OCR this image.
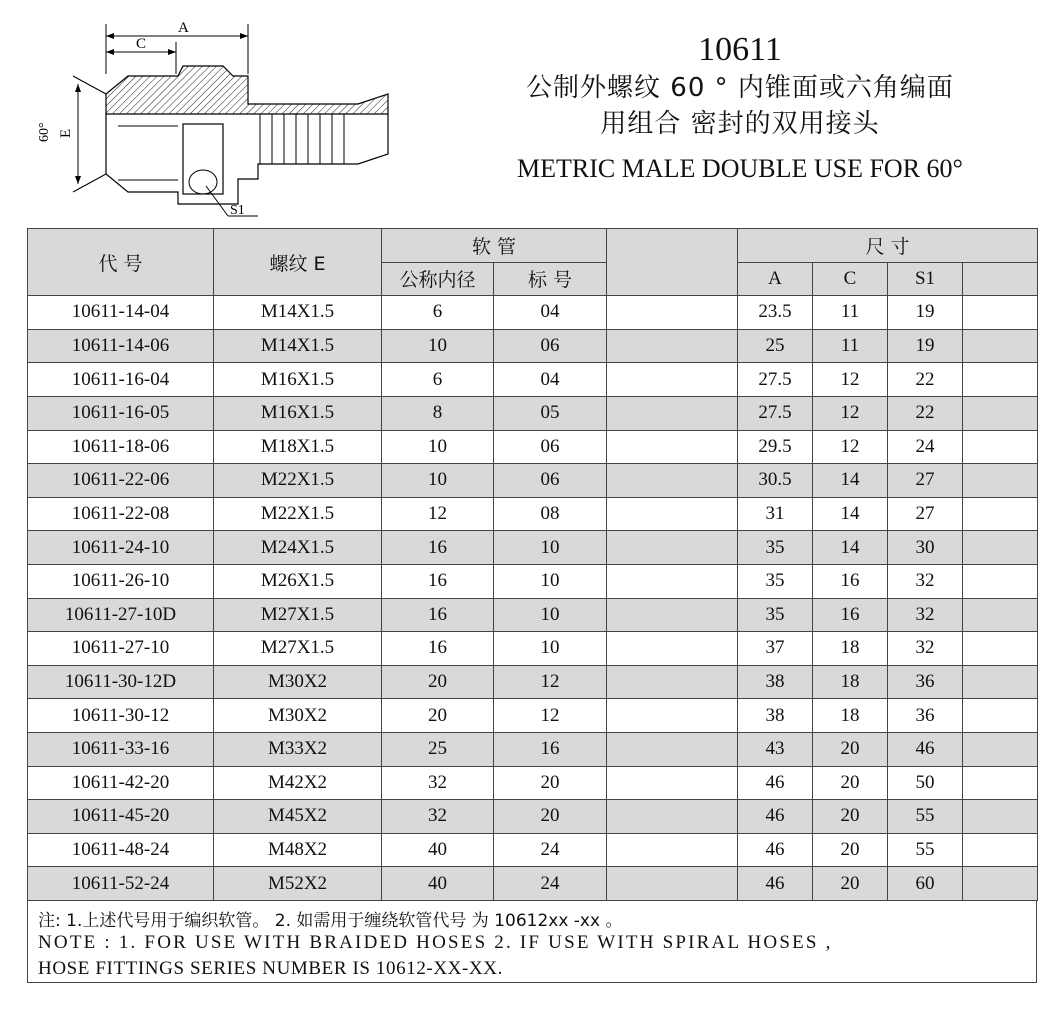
A
C
E
60°
S1
10611
公制外螺纹 60 ° 内锥面或六角编面
用组合 密封的双用接头
METRIC MALE DOUBLE USE FOR 60°
代 号	螺纹 E	软 管			尺 寸			
		公称内径	标 号		A	C	S1	
10611-14-04	M14X1.5	6	04		23.5	11	19	
10611-14-06	M14X1.5	10	06		25	11	19	
10611-16-04	M16X1.5	6	04		27.5	12	22	
10611-16-05	M16X1.5	8	05		27.5	12	22	
10611-18-06	M18X1.5	10	06		29.5	12	24	
10611-22-06	M22X1.5	10	06		30.5	14	27	
10611-22-08	M22X1.5	12	08		31	14	27	
10611-24-10	M24X1.5	16	10		35	14	30	
10611-26-10	M26X1.5	16	10		35	16	32	
10611-27-10D	M27X1.5	16	10		35	16	32	
10611-27-10	M27X1.5	16	10		37	18	32	
10611-30-12D	M30X2	20	12		38	18	36	
10611-30-12	M30X2	20	12		38	18	36	
10611-33-16	M33X2	25	16		43	20	46	
10611-42-20	M42X2	32	20		46	20	50	
10611-45-20	M45X2	32	20		46	20	55	
10611-48-24	M48X2	40	24		46	20	55	
10611-52-24	M52X2	40	24		46	20	60	
注: 1.上述代号用于编织软管。 2. 如需用于缠绕软管代号 为 10612xx -xx 。
NOTE : 1. FOR USE WITH BRAIDED HOSES 2. IF USE WITH SPIRAL HOSES ,
HOSE FITTINGS SERIES NUMBER IS 10612-XX-XX.
